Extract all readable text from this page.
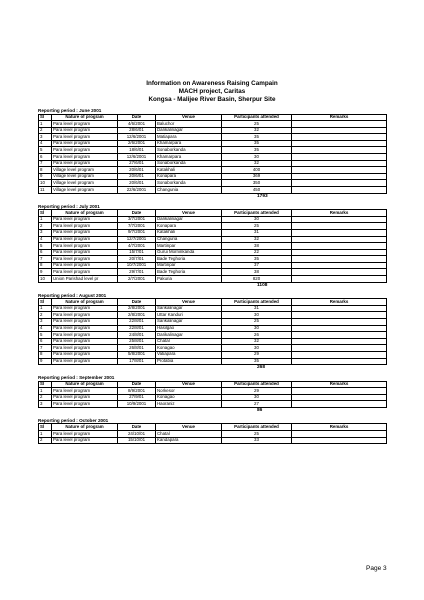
Information on Awareness Raising Campain
MACH project, Caritas
Kongsa - Malijee River Basin, Sherpur Site
Reporting period : June 2001
Sl	Nature of program	Date	Venue	Participants attended	Remarks
1	Para level program	4/6/2001	Baluchor	25	
2	Para level program	28/6/01	Darikalinagar	32	
3	Para level program	12/6/2001	Matiapara	35	
4	Para level program	2/6/2001	Khamarpara	35	
5	Para level program	18/6/01	Sonaborkanda	35	
6	Para level program	12/6/2001	Khamarpara	30	
7	Para level program	27/6/01	Sonaborkanda	32	
8	Village level program	20/6/01	Katakhali	400	
9	Village level program	20/6/01	Konapara	369	
10	Village level program	20/6/01	Sonaborkanda	350	
11	Village level program	22/6/2001	Changunia	450	
1793
Reporting period : July 2001
Sl	Nature of program	Date	Venue	Participants attended	Remarks
1	Para level program	3/7/2001	Darikalinagar	30	
2	Para level program	7/7/2001	Konapara	25	
3	Para level program	9/7/2001	Katakhali	31	
4	Para level program	12/7/2001	Changuria	32	
5	Para level program	4/7/2001	Martinpar	38	
6	Para level program	15/7/01	Gurui Morninkanda	22	
7	Para level program	20/7/01	Bade Teghoria	35	
8	Para level program	10/7/2001	Martinpar	37	
9	Para level program	29/7/01	Bade Teghoria	38	
10	Union Parishad level pr	2/7/2001	Pakuria	820	
1108
Reporting period : August 2001
Sl	Nature of program	Date	Venue	Participants attended	Remarks
1	Para level program	2/8/2001	Sarikalinagar	31	
2	Para level program	2/8/2001	Uttar Kanduri	30	
3	Para level program	22/8/01	Sarikalinagar	25	
4	Para level program	22/8/01	Hasilgao	30	
5	Para level program	24/8/01	Darikalinagar	26	
6	Para level program	25/8/01	Chatal	32	
7	Para level program	26/8/01	Konagao	30	
8	Para level program	5/8/2001	Vatiapara	29	
9	Para level program	17/8/01	Protabia	35	
268
Reporting period : September 2001
Sl	Nature of program	Date	Venue	Participants attended	Remarks
1	Para level program	8/9/2001	Norkesor	29	
2	Para level program	27/9/01	Konagao	30	
3	Para level program	10/9/2001	Haoraniz	27	
86
Reporting period : October 2001
Sl	Nature of program	Date	Venue	Participants attended	Remarks
1	Para level program	24/10/01	Chatal	25	
2	Para level program	15/10/01	Kandapara	33	
Page 3
